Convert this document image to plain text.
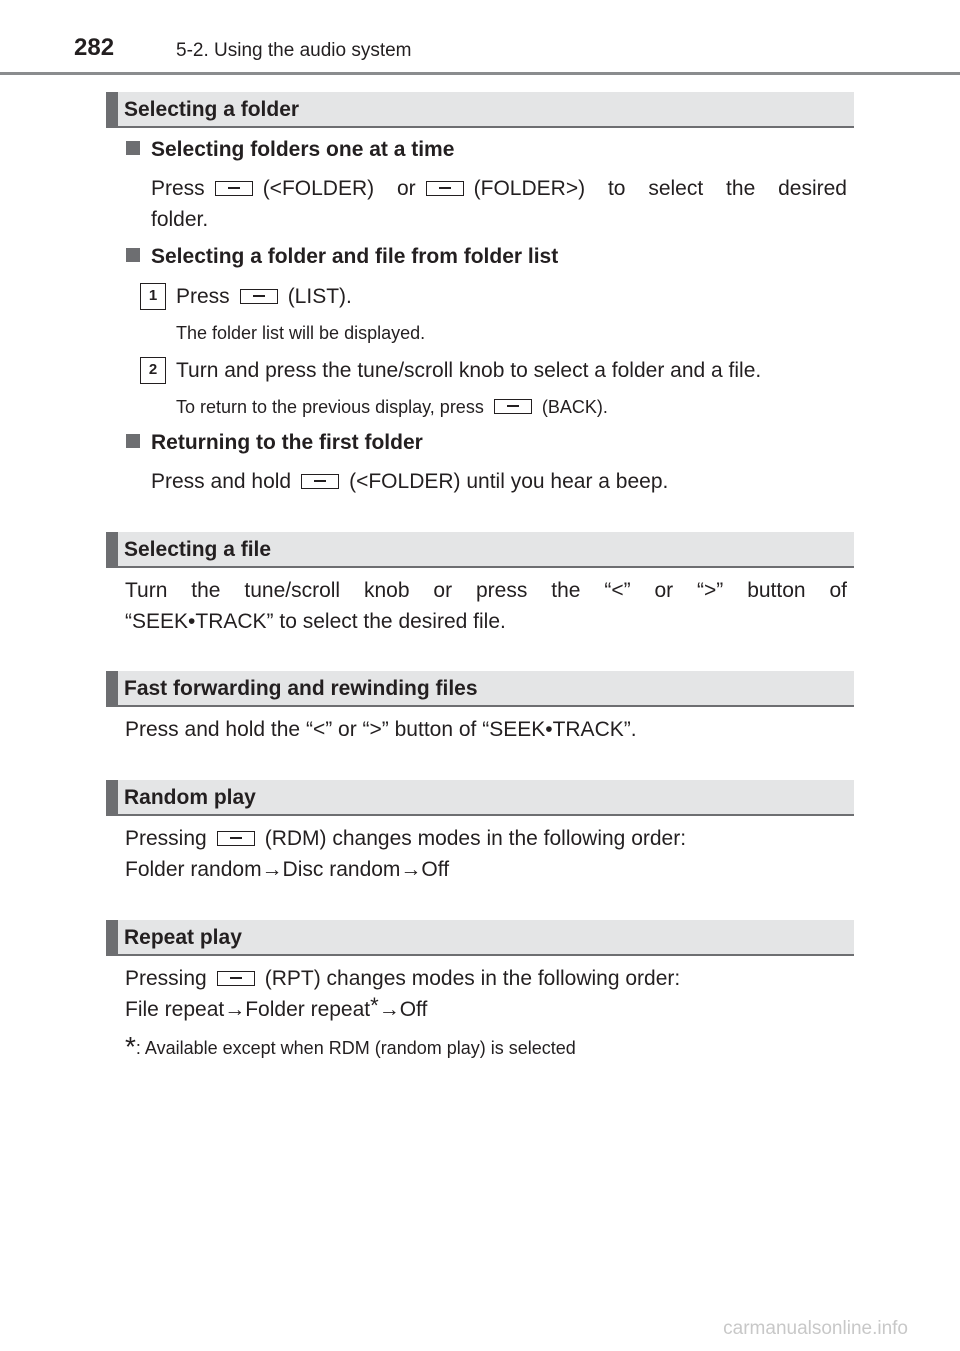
282	5-2. Using the audio system
Selecting a folder
Selecting folders one at a time
Press	(<FOLDER) or	(FOLDER>) to select the desired
folder.
Selecting a folder and file from folder list
1 Press	(LIST).
The folder list will be displayed.
2 Turn and press the tune/scroll knob to select a folder and a file.
To return to the previous display, press	(BACK).
Returning to the first folder
Press and hold	(<FOLDER) until you hear a beep.
Selecting a file
Turn the tune/scroll knob or press the “<” or “>” button of
“SEEK•TRACK” to select the desired file.
Fast forwarding and rewinding files
Press and hold the “<” or “>” button of “SEEK•TRACK”.
Random play
Pressing	(RDM) changes modes in the following order:
Folder random→Disc random→Off
Repeat play
Pressing	(RPT) changes modes in the following order:
File repeat→Folder repeat*→Off
*: Available except when RDM (random play) is selected
carmanualsonline.info
